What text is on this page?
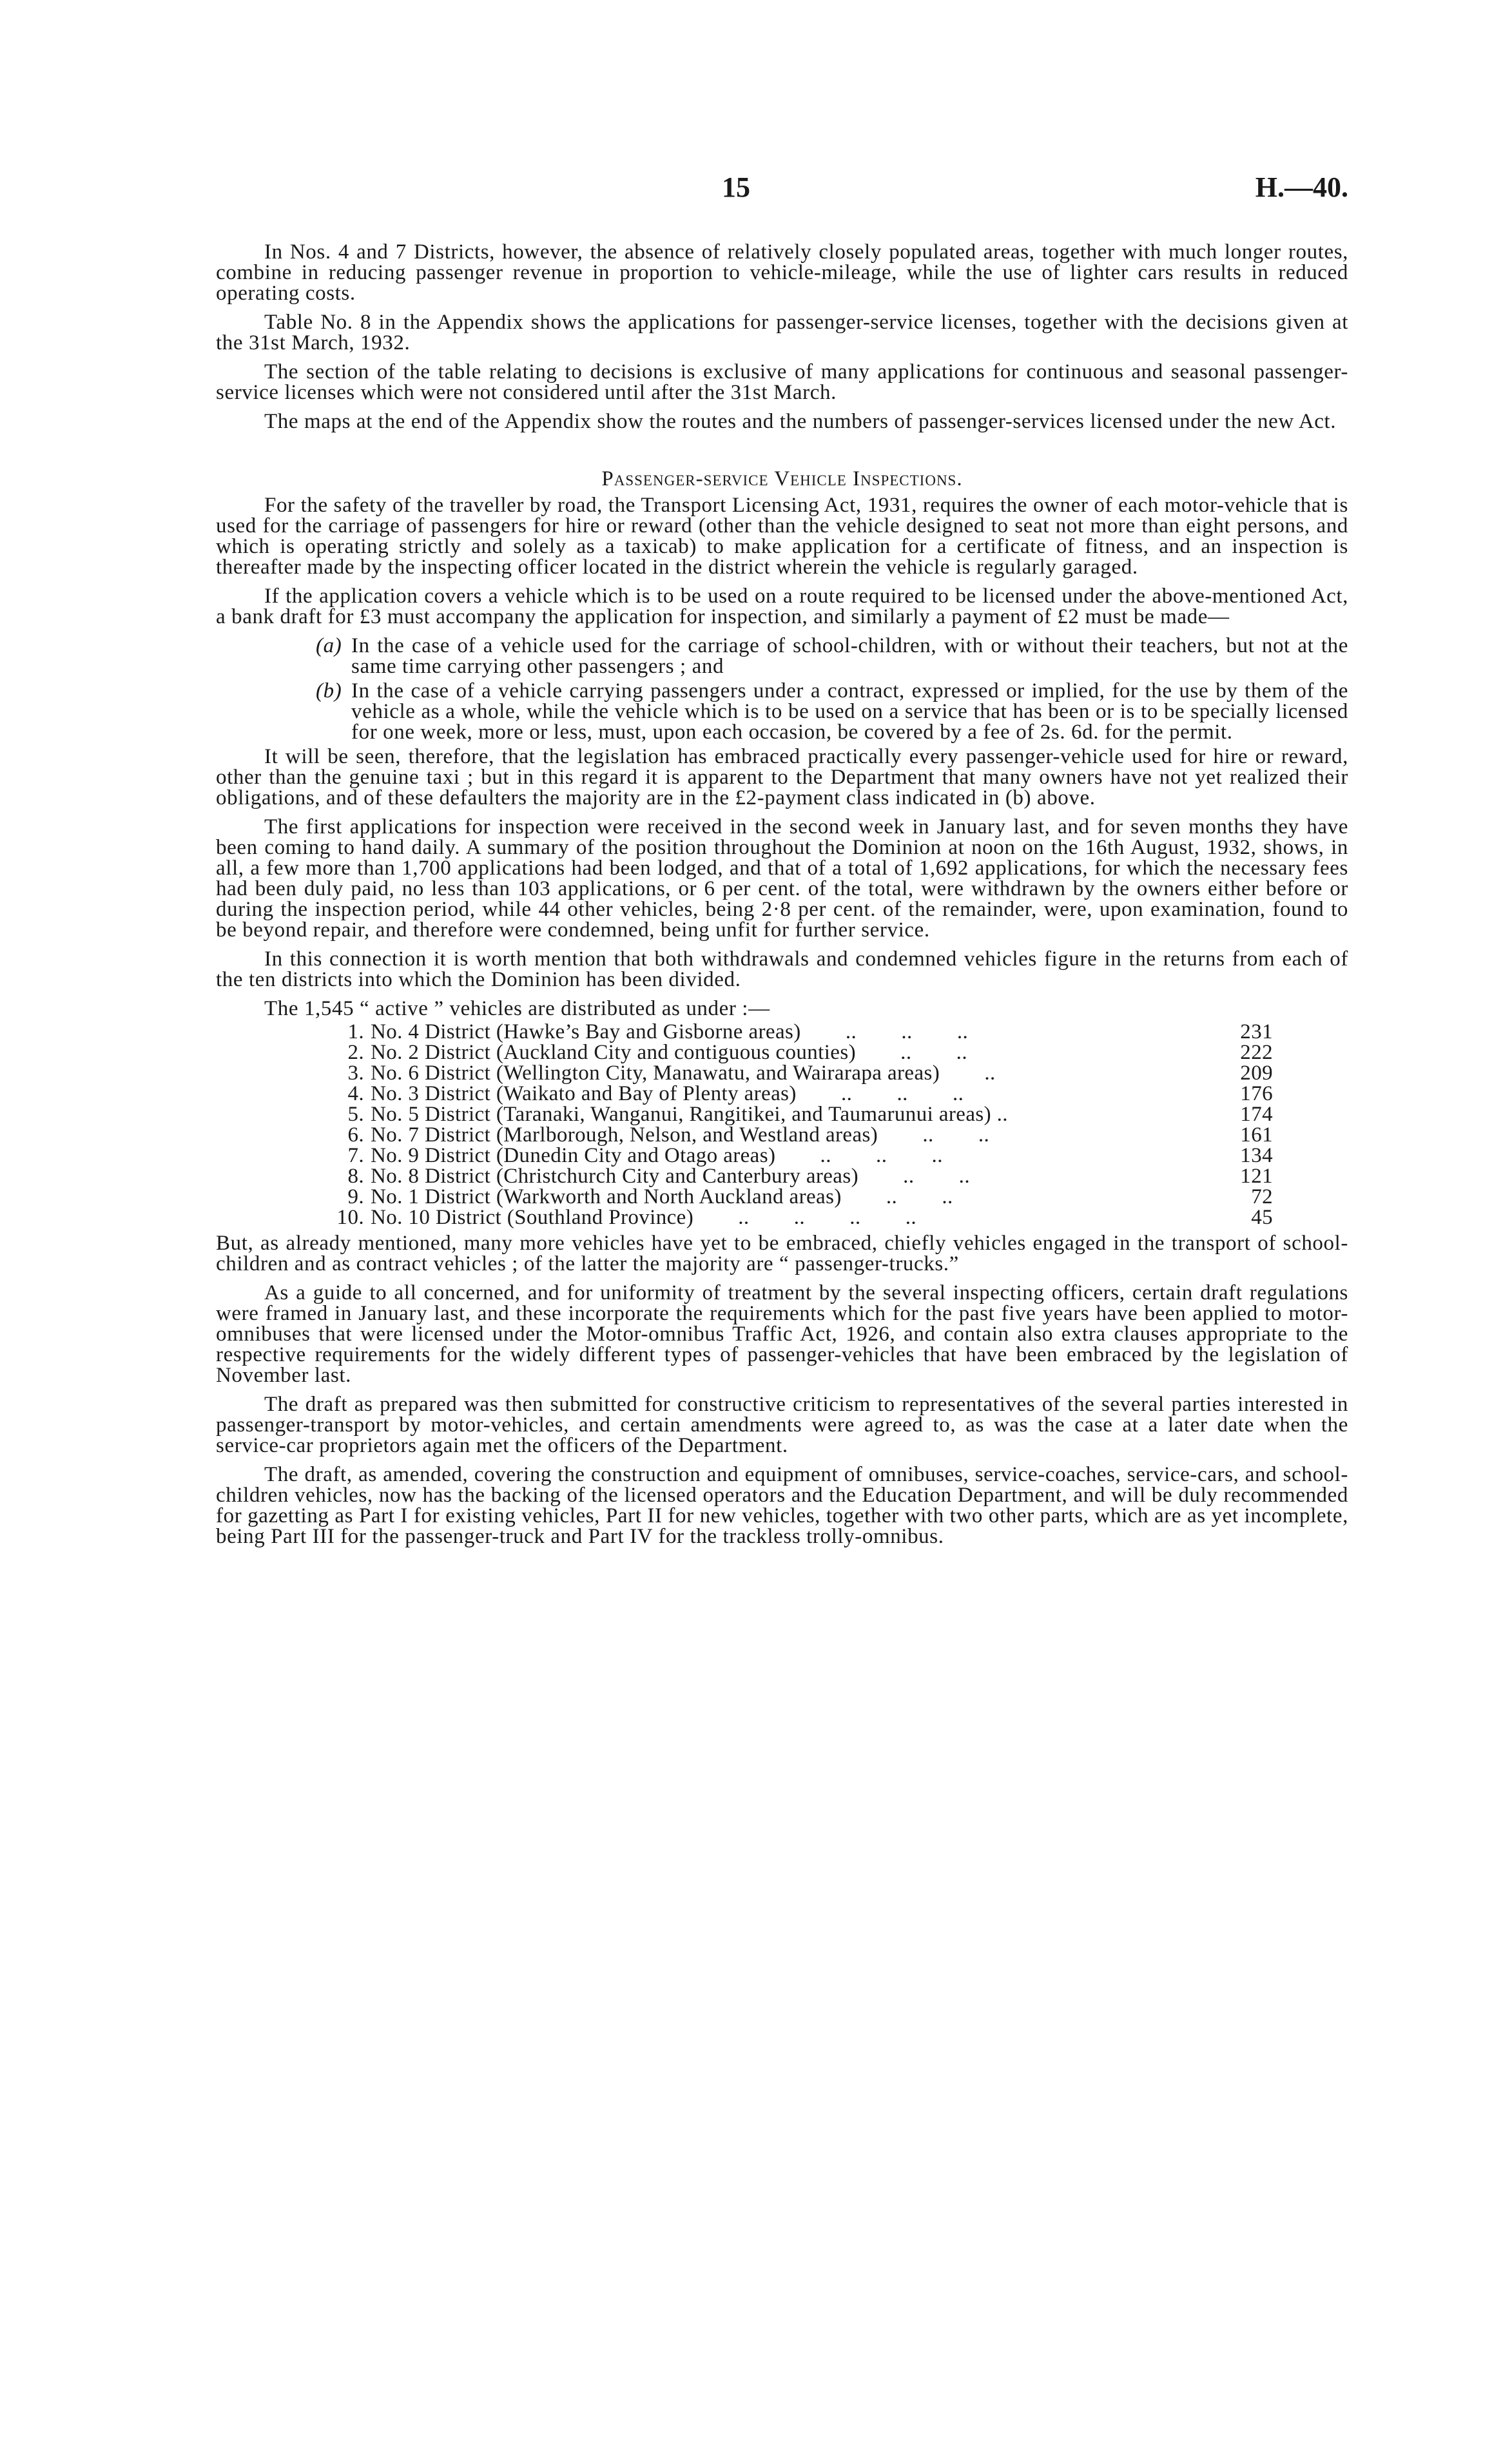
15	H.—40.

In Nos. 4 and 7 Districts, however, the absence of relatively closely populated areas, together with much longer routes, combine in reducing passenger revenue in proportion to vehicle-mileage, while the use of lighter cars results in reduced operating costs.

Table No. 8 in the Appendix shows the applications for passenger-service licenses, together with the decisions given at the 31st March, 1932.

The section of the table relating to decisions is exclusive of many applications for continuous and seasonal passenger-service licenses which were not considered until after the 31st March.

The maps at the end of the Appendix show the routes and the numbers of passenger-services licensed under the new Act.

Passenger-service Vehicle Inspections.

For the safety of the traveller by road, the Transport Licensing Act, 1931, requires the owner of each motor-vehicle that is used for the carriage of passengers for hire or reward (other than the vehicle designed to seat not more than eight persons, and which is operating strictly and solely as a taxicab) to make application for a certificate of fitness, and an inspection is thereafter made by the inspecting officer located in the district wherein the vehicle is regularly garaged.

If the application covers a vehicle which is to be used on a route required to be licensed under the above-mentioned Act, a bank draft for £3 must accompany the application for inspection, and similarly a payment of £2 must be made—

(a) In the case of a vehicle used for the carriage of school-children, with or without their teachers, but not at the same time carrying other passengers ; and
(b) In the case of a vehicle carrying passengers under a contract, expressed or implied, for the use by them of the vehicle as a whole, while the vehicle which is to be used on a service that has been or is to be specially licensed for one week, more or less, must, upon each occasion, be covered by a fee of 2s. 6d. for the permit.

It will be seen, therefore, that the legislation has embraced practically every passenger-vehicle used for hire or reward, other than the genuine taxi ; but in this regard it is apparent to the Department that many owners have not yet realized their obligations, and of these defaulters the majority are in the £2-payment class indicated in (b) above.

The first applications for inspection were received in the second week in January last, and for seven months they have been coming to hand daily. A summary of the position throughout the Dominion at noon on the 16th August, 1932, shows, in all, a few more than 1,700 applications had been lodged, and that of a total of 1,692 applications, for which the necessary fees had been duly paid, no less than 103 applications, or 6 per cent. of the total, were withdrawn by the owners either before or during the inspection period, while 44 other vehicles, being 2·8 per cent. of the remainder, were, upon examination, found to be beyond repair, and therefore were condemned, being unfit for further service.

In this connection it is worth mention that both withdrawals and condemned vehicles figure in the returns from each of the ten districts into which the Dominion has been divided.

The 1,545 “ active ” vehicles are distributed as under :—

1. No. 4 District (Hawke’s Bay and Gisborne areas)        ..        ..        ..	231
2. No. 2 District (Auckland City and contiguous counties)        ..        ..	222
3. No. 6 District (Wellington City, Manawatu, and Wairarapa areas)        ..	209
4. No. 3 District (Waikato and Bay of Plenty areas)        ..        ..        ..	176
5. No. 5 District (Taranaki, Wanganui, Rangitikei, and Taumarunui areas) ..	174
6. No. 7 District (Marlborough, Nelson, and Westland areas)        ..        ..	161
7. No. 9 District (Dunedin City and Otago areas)        ..        ..        ..	134
8. No. 8 District (Christchurch City and Canterbury areas)        ..        ..	121
9. No. 1 District (Warkworth and North Auckland areas)        ..        ..	72
10. No. 10 District (Southland Province)        ..        ..        ..        ..	45

But, as already mentioned, many more vehicles have yet to be embraced, chiefly vehicles engaged in the transport of school-children and as contract vehicles ; of the latter the majority are “ passenger-trucks.”

As a guide to all concerned, and for uniformity of treatment by the several inspecting officers, certain draft regulations were framed in January last, and these incorporate the requirements which for the past five years have been applied to motor-omnibuses that were licensed under the Motor-omnibus Traffic Act, 1926, and contain also extra clauses appropriate to the respective requirements for the widely different types of passenger-vehicles that have been embraced by the legislation of November last.

The draft as prepared was then submitted for constructive criticism to representatives of the several parties interested in passenger-transport by motor-vehicles, and certain amendments were agreed to, as was the case at a later date when the service-car proprietors again met the officers of the Department.

The draft, as amended, covering the construction and equipment of omnibuses, service-coaches, service-cars, and school-children vehicles, now has the backing of the licensed operators and the Education Department, and will be duly recommended for gazetting as Part I for existing vehicles, Part II for new vehicles, together with two other parts, which are as yet incomplete, being Part III for the passenger-truck and Part IV for the trackless trolly-omnibus.
